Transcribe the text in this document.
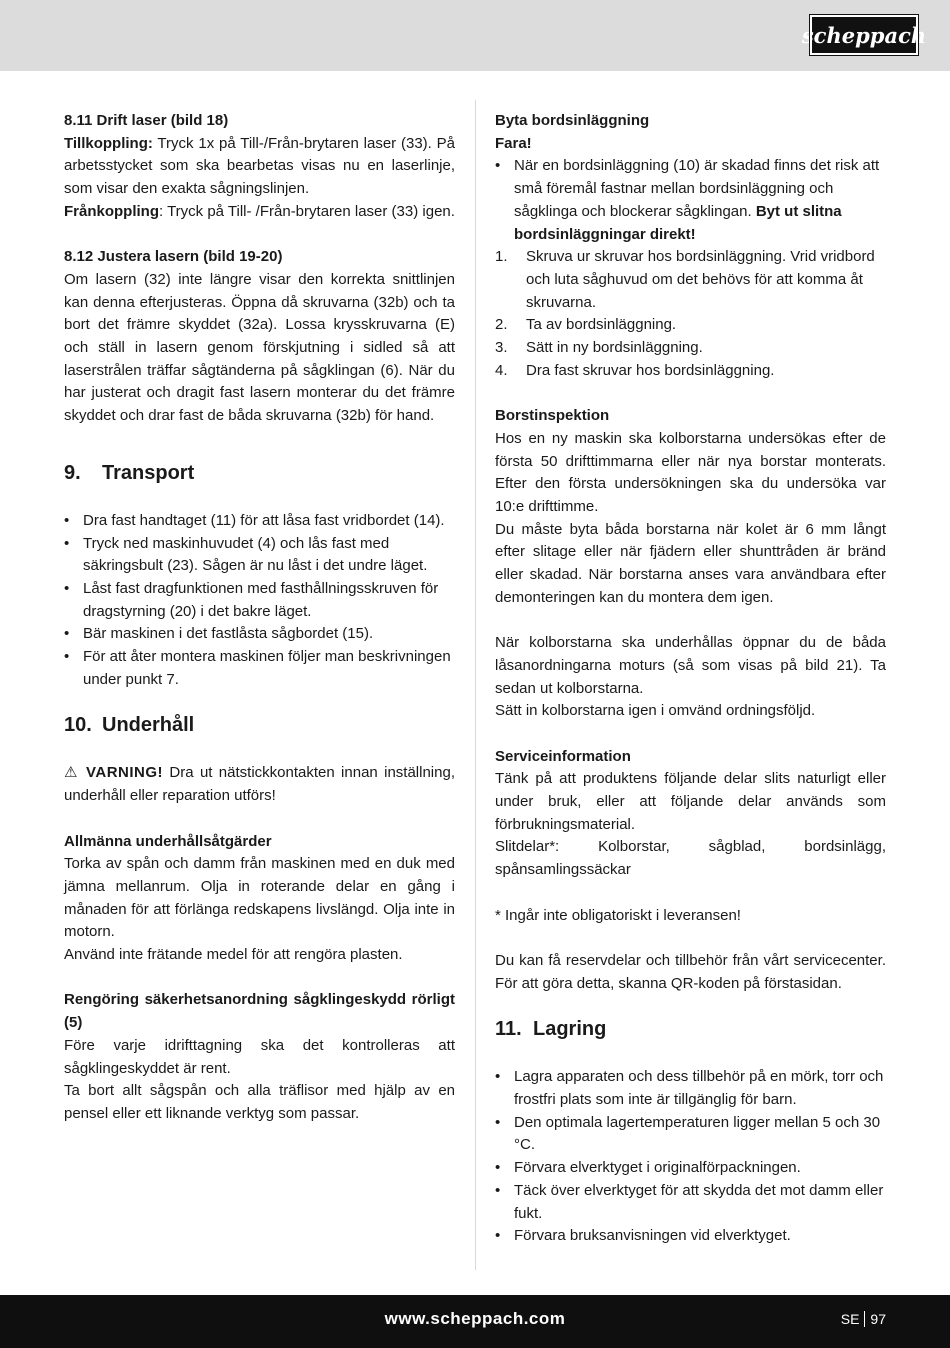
scheppach

8.11 Drift laser (bild 18)

Tillkoppling: Tryck 1x på Till-/Från-brytaren laser (33). På arbetsstycket som ska bearbetas visas nu en laserlinje, som visar den exakta sågningslinjen.

Frånkoppling: Tryck på Till- /Från-brytaren laser (33) igen.

8.12 Justera lasern (bild 19-20)

Om lasern (32) inte längre visar den korrekta snittlinjen kan denna efterjusteras. Öppna då skruvarna (32b) och ta bort det främre skyddet (32a). Lossa krysskruvarna (E) och ställ in lasern genom förskjutning i sidled så att laserstrålen träffar sågtänderna på sågklingan (6). När du har justerat och dragit fast lasern monterar du det främre skyddet och drar fast de båda skruvarna (32b) för hand.

9. Transport
• Dra fast handtaget (11) för att låsa fast vridbordet (14).
• Tryck ned maskinhuvudet (4) och lås fast med säkringsbult (23). Sågen är nu låst i det undre läget.
• Låst fast dragfunktionen med fasthållningsskruven för dragstyrning (20) i det bakre läget.
• Bär maskinen i det fastlåsta sågbordet (15).
• För att åter montera maskinen följer man beskrivningen under punkt 7.
10. Underhåll

⚠ VARNING! Dra ut nätstickkontakten innan inställning, underhåll eller reparation utförs!

Allmänna underhållsåtgärder

Torka av spån och damm från maskinen med en duk med jämna mellanrum. Olja in roterande delar en gång i månaden för att förlänga redskapens livslängd. Olja inte in motorn.

Använd inte frätande medel för att rengöra plasten.

Rengöring säkerhetsanordning sågklingeskydd rörligt (5)

Före varje idrifttagning ska det kontrolleras att sågklingeskyddet är rent.

Ta bort allt sågspån och alla träflisor med hjälp av en pensel eller ett liknande verktyg som passar.

Byta bordsinläggning

Fara!

• När en bordsinläggning (10) är skadad finns det risk att små föremål fastnar mellan bordsinläggning och sågklinga och blockerar sågklingan. Byt ut slitna bordsinläggningar direkt!
1. Skruva ur skruvar hos bordsinläggning. Vrid vridbord och luta såghuvud om det behövs för att komma åt skruvarna.
2. Ta av bordsinläggning.
3. Sätt in ny bordsinläggning.
4. Dra fast skruvar hos bordsinläggning.

Borstinspektion

Hos en ny maskin ska kolborstarna undersökas efter de första 50 drifttimmarna eller när nya borstar monterats. Efter den första undersökningen ska du undersöka var 10:e drifttimme.

Du måste byta båda borstarna när kolet är 6 mm långt efter slitage eller när fjädern eller shunttråden är bränd eller skadad. När borstarna anses vara användbara efter demonteringen kan du montera dem igen.

När kolborstarna ska underhållas öppnar du de båda låsanordningarna moturs (så som visas på bild 21). Ta sedan ut kolborstarna.

Sätt in kolborstarna igen i omvänd ordningsföljd.

Serviceinformation

Tänk på att produktens följande delar slits naturligt eller under bruk, eller att följande delar används som förbrukningsmaterial.

Slitdelar*: Kolborstar, sågblad, bordsinlägg, spånsamlingssäckar

* Ingår inte obligatoriskt i leveransen!

Du kan få reservdelar och tillbehör från vårt servicecenter. För att göra detta, skanna QR-koden på förstasidan.

11. Lagring
• Lagra apparaten och dess tillbehör på en mörk, torr och frostfri plats som inte är tillgänglig för barn.
• Den optimala lagertemperaturen ligger mellan 5 och 30 °C.
• Förvara elverktyget i originalförpackningen.
• Täck över elverktyget för att skydda det mot damm eller fukt.
• Förvara bruksanvisningen vid elverktyget.
www.scheppach.com	SE 97
